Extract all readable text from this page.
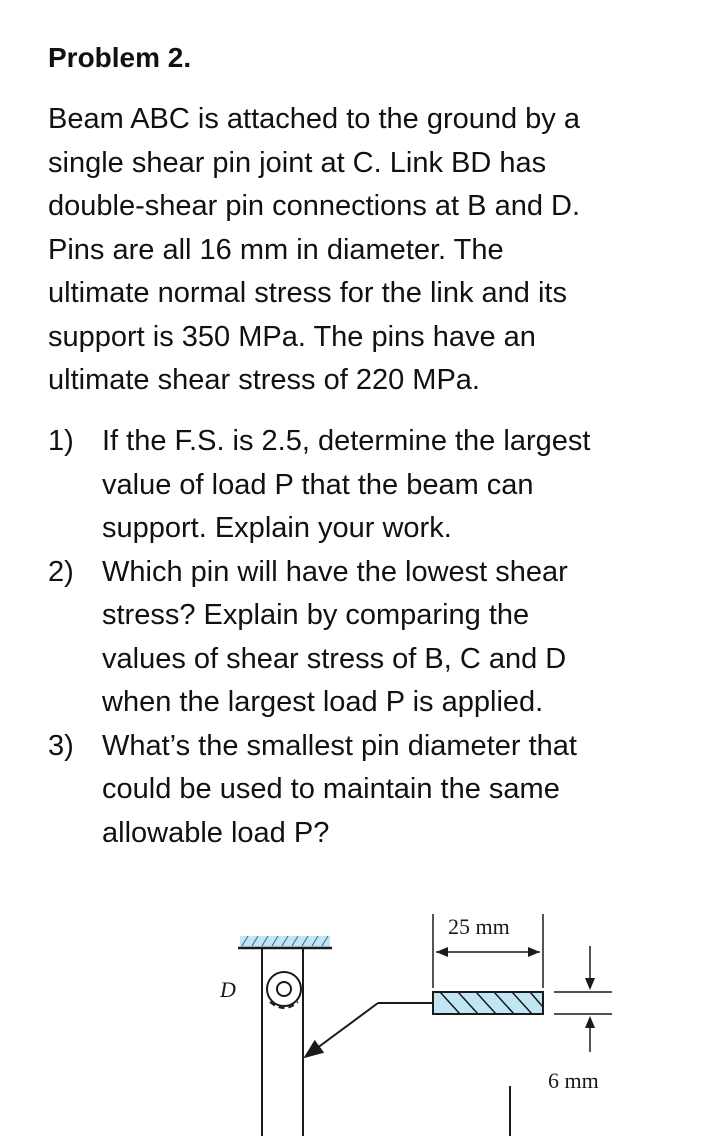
Problem 2.
Beam ABC is attached to the ground by a
single shear pin joint at C. Link BD has
double-shear pin connections at B and D.
Pins are all 16 mm in diameter. The
ultimate normal stress for the link and its
support is 350 MPa. The pins have an
ultimate shear stress of 220 MPa.
1) If the F.S. is 2.5, determine the largest
value of load P that the beam can
support. Explain your work.
2) Which pin will have the lowest shear
stress? Explain by comparing the
values of shear stress of B, C and D
when the largest load P is applied.
3) What’s the smallest pin diameter that
could be used to maintain the same
allowable load P?
D
25 mm
6 mm
